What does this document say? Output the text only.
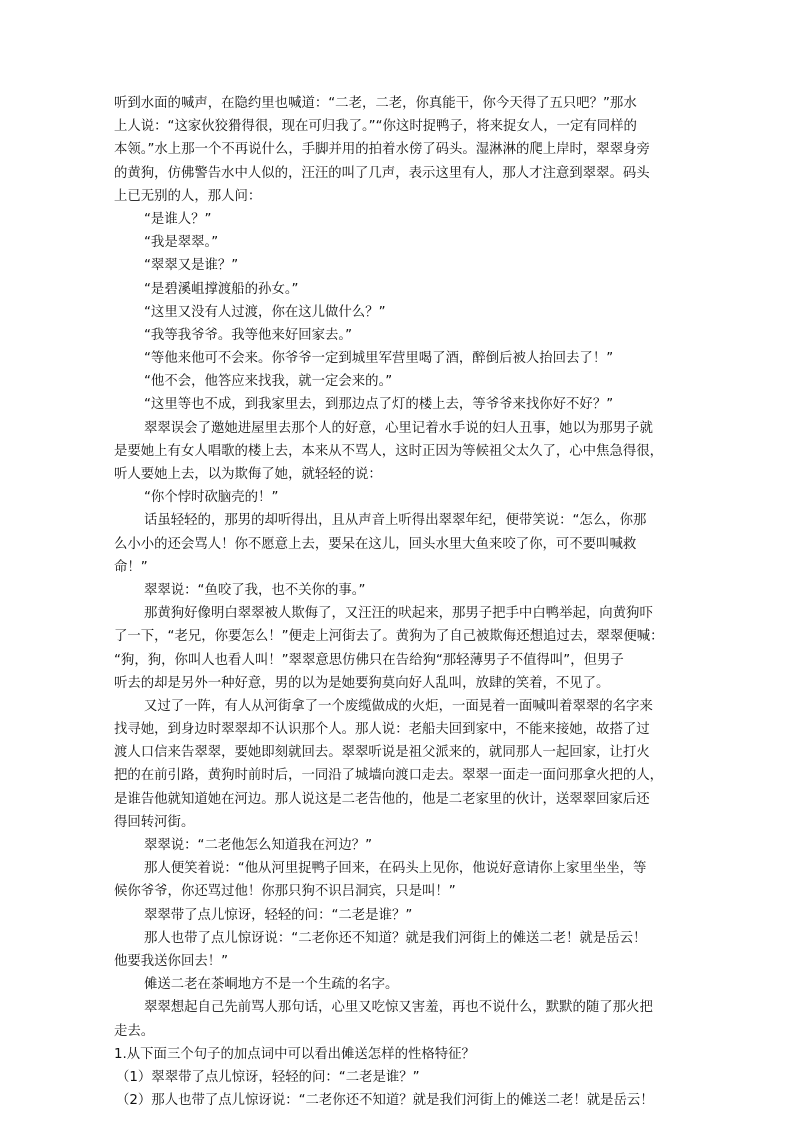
听到水面的喊声，在隐约里也喊道：“二老，二老，你真能干，你今天得了五只吧？”那水
上人说：“这家伙狡猾得很，现在可归我了。”“你这时捉鸭子，将来捉女人，一定有同样的
本领。”水上那一个不再说什么，手脚并用的拍着水傍了码头。湿淋淋的爬上岸时，翠翠身旁
的黄狗，仿佛警告水中人似的，汪汪的叫了几声，表示这里有人，那人才注意到翠翠。码头
上已无别的人，那人问：
“是谁人？”
“我是翠翠。”
“翠翠又是谁？”
“是碧溪岨撑渡船的孙女。”
“这里又没有人过渡，你在这儿做什么？”
“我等我爷爷。我等他来好回家去。”
“等他来他可不会来。你爷爷一定到城里军营里喝了酒，醉倒后被人抬回去了！”
“他不会，他答应来找我，就一定会来的。”
“这里等也不成，到我家里去，到那边点了灯的楼上去，等爷爷来找你好不好？”
翠翠误会了邀她进屋里去那个人的好意，心里记着水手说的妇人丑事，她以为那男子就
是要她上有女人唱歌的楼上去，本来从不骂人，这时正因为等候祖父太久了，心中焦急得很，
听人要她上去，以为欺侮了她，就轻轻的说：
“你个悖时砍脑壳的！”
话虽轻轻的，那男的却听得出，且从声音上听得出翠翠年纪，便带笑说：“怎么，你那
么小小的还会骂人！你不愿意上去，要呆在这儿，回头水里大鱼来咬了你，可不要叫喊救
命！”
翠翠说：“鱼咬了我，也不关你的事。”
那黄狗好像明白翠翠被人欺侮了，又汪汪的吠起来，那男子把手中白鸭举起，向黄狗吓
了一下，“老兄，你要怎么！”便走上河街去了。黄狗为了自己被欺侮还想追过去，翠翠便喊：
“狗，狗，你叫人也看人叫！”翠翠意思仿佛只在告给狗“那轻薄男子不值得叫”，但男子
听去的却是另外一种好意，男的以为是她要狗莫向好人乱叫，放肆的笑着，不见了。
又过了一阵，有人从河街拿了一个废缆做成的火炬，一面晃着一面喊叫着翠翠的名字来
找寻她，到身边时翠翠却不认识那个人。那人说：老船夫回到家中，不能来接她，故搭了过
渡人口信来告翠翠，要她即刻就回去。翠翠听说是祖父派来的，就同那人一起回家，让打火
把的在前引路，黄狗时前时后，一同沿了城墙向渡口走去。翠翠一面走一面问那拿火把的人，
是谁告他就知道她在河边。那人说这是二老告他的，他是二老家里的伙计，送翠翠回家后还
得回转河街。
翠翠说：“二老他怎么知道我在河边？”
那人便笑着说：“他从河里捉鸭子回来，在码头上见你，他说好意请你上家里坐坐，等
候你爷爷，你还骂过他！你那只狗不识吕洞宾，只是叫！”
翠翠带了点儿惊讶，轻轻的问：“二老是谁？”
那人也带了点儿惊讶说：“二老你还不知道？就是我们河街上的傩送二老！就是岳云！
他要我送你回去！”
傩送二老在茶峒地方不是一个生疏的名字。
翠翠想起自己先前骂人那句话，心里又吃惊又害羞，再也不说什么，默默的随了那火把
走去。
1.从下面三个句子的加点词中可以看出傩送怎样的性格特征？
（1）翠翠带了点儿惊讶，轻轻的问：“二老是谁？”
（2）那人也带了点儿惊讶说：“二老你还不知道？就是我们河街上的傩送二老！就是岳云！
